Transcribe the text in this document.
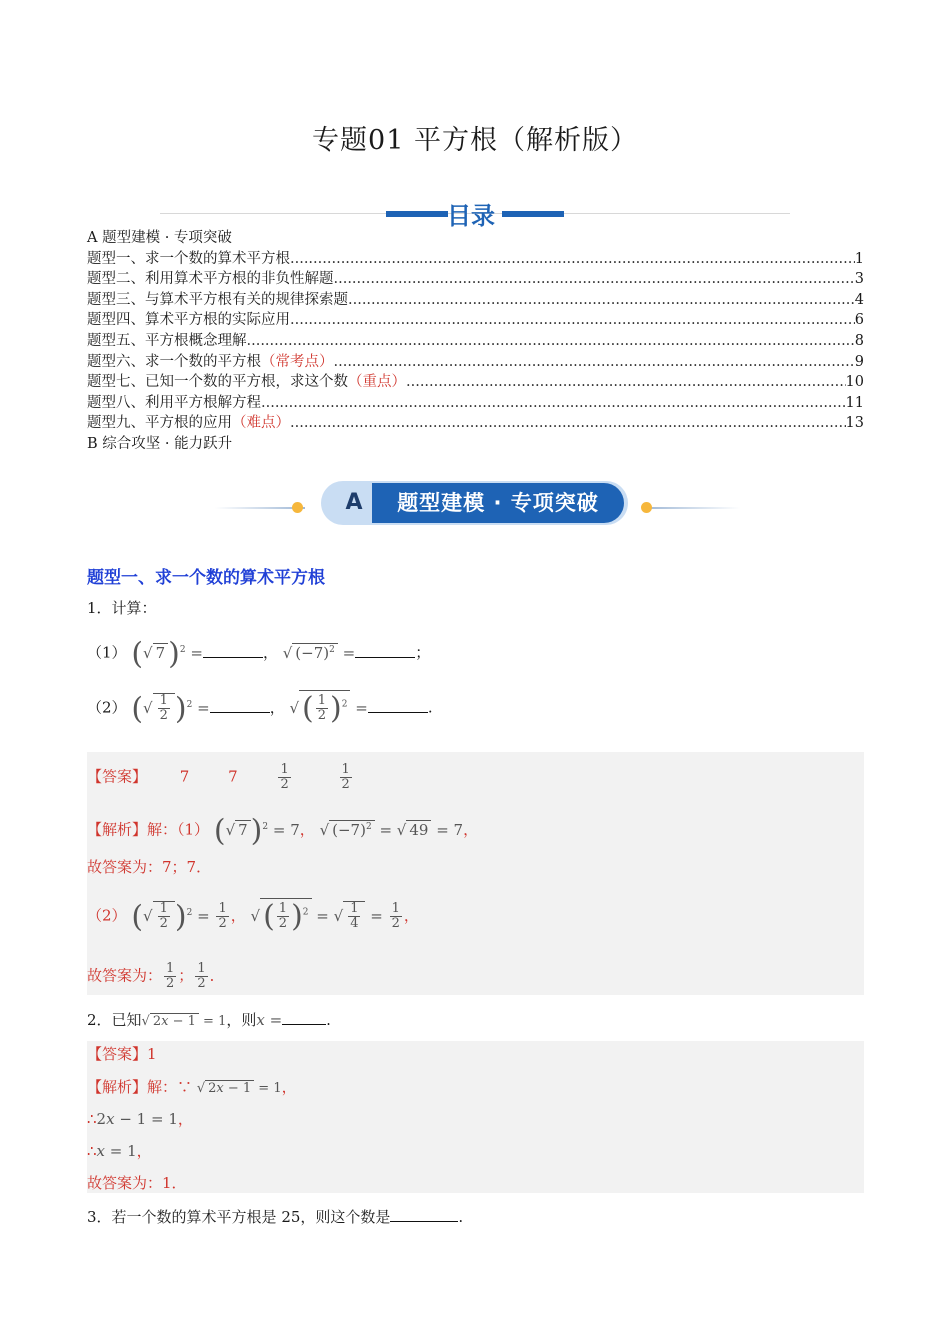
专题01 平方根（解析版）
目录
A 题型建模 · 专项突破
题型一、求一个数的算术平方根 .....	1
题型二、利用算术平方根的非负性解题 .....	3
题型三、与算术平方根有关的规律探索题 .....	4
题型四、算术平方根的实际应用 .....	6
题型五、平方根概念理解 .....	8
题型六、求一个数的平方根 （常考点） .....	9
题型七、已知一个数的平方根，求这个数 （重点） .....	10
题型八、利用平方根解方程 .....	11
题型九、平方根的应用 （难点） .....	13
B 综合攻坚 · 能力跃升
A	题型建模 · 专项突破
题型一、求一个数的算术平方根
1．计算：
（1） (√ 7 )$^2$ =	， √ $(-7)^2$ =	；
（2） (√ $\frac{1}{2} )^2$ =	， √ ( $\frac{1}{2} )^2$ =	.
【答案】 7	7	$\frac{1}{2}$
	$\frac{1}{2}$
【解析】解：（1） (√ 7 )$^2$ = 7， √ $(-7)^2$ = √ 49 = 7，
故答案为：7；7．
（2） (√ $\frac{1}{2} )^2 = \frac{1}{2}$ ， √ ( $\frac{1}{2} )^2$ = √ $\frac{1}{4} = \frac{1}{2}$ ，
故答案为： $\frac{1}{2}$ ； $\frac{1}{2}$ ．
2．已知√ 2x − 1 = 1，则x =	.
【答案】1
【解析】解：∵ √ 2x − 1 = 1，
∴2x − 1 = 1，
∴x = 1，
故答案为：1．
3．若一个数的算术平方根是 25，则这个数是	.
